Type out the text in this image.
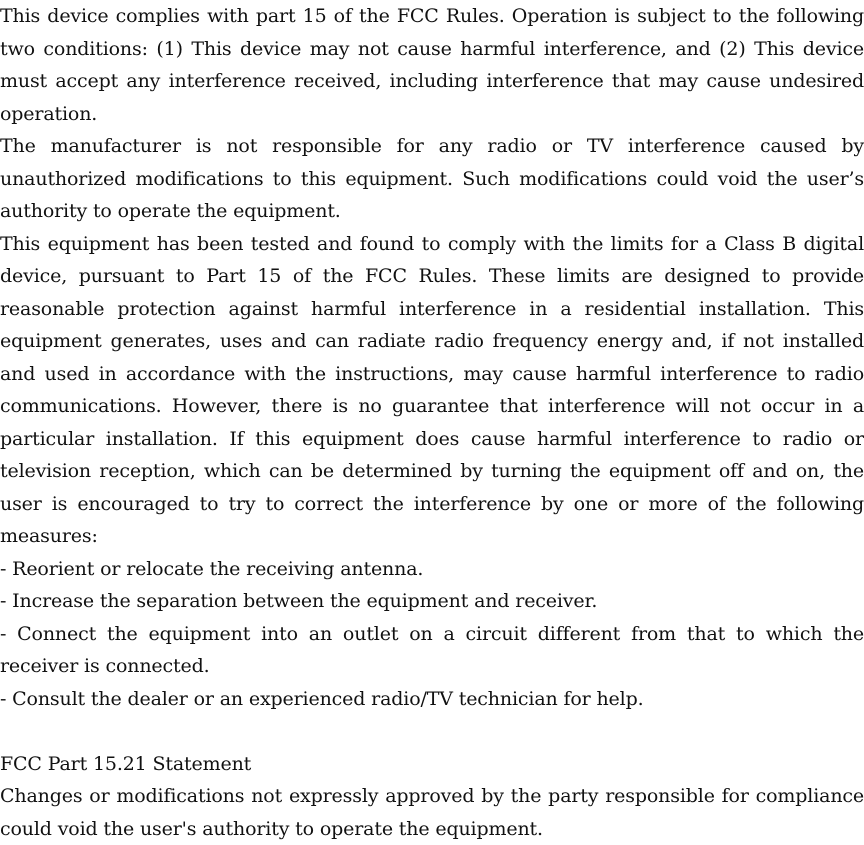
This device complies with part 15 of the FCC Rules. Operation is subject to the following two conditions: (1) This device may not cause harmful interference, and (2) This device must accept any interference received, including interference that may cause undesired operation.

The manufacturer is not responsible for any radio or TV interference caused by unauthorized modifications to this equipment. Such modifications could void the user’s authority to operate the equipment.

This equipment has been tested and found to comply with the limits for a Class B digital device, pursuant to Part 15 of the FCC Rules. These limits are designed to provide reasonable protection against harmful interference in a residential installation. This equipment generates, uses and can radiate radio frequency energy and, if not installed and used in accordance with the instructions, may cause harmful interference to radio communications. However, there is no guarantee that interference will not occur in a particular installation. If this equipment does cause harmful interference to radio or television reception, which can be determined by turning the equipment off and on, the user is encouraged to try to correct the interference by one or more of the following measures:

- Reorient or relocate the receiving antenna.

- Increase the separation between the equipment and receiver.

- Connect the equipment into an outlet on a circuit different from that to which the receiver is connected.

- Consult the dealer or an experienced radio/TV technician for help.

FCC Part 15.21 Statement

Changes or modifications not expressly approved by the party responsible for compliance could void the user's authority to operate the equipment.
